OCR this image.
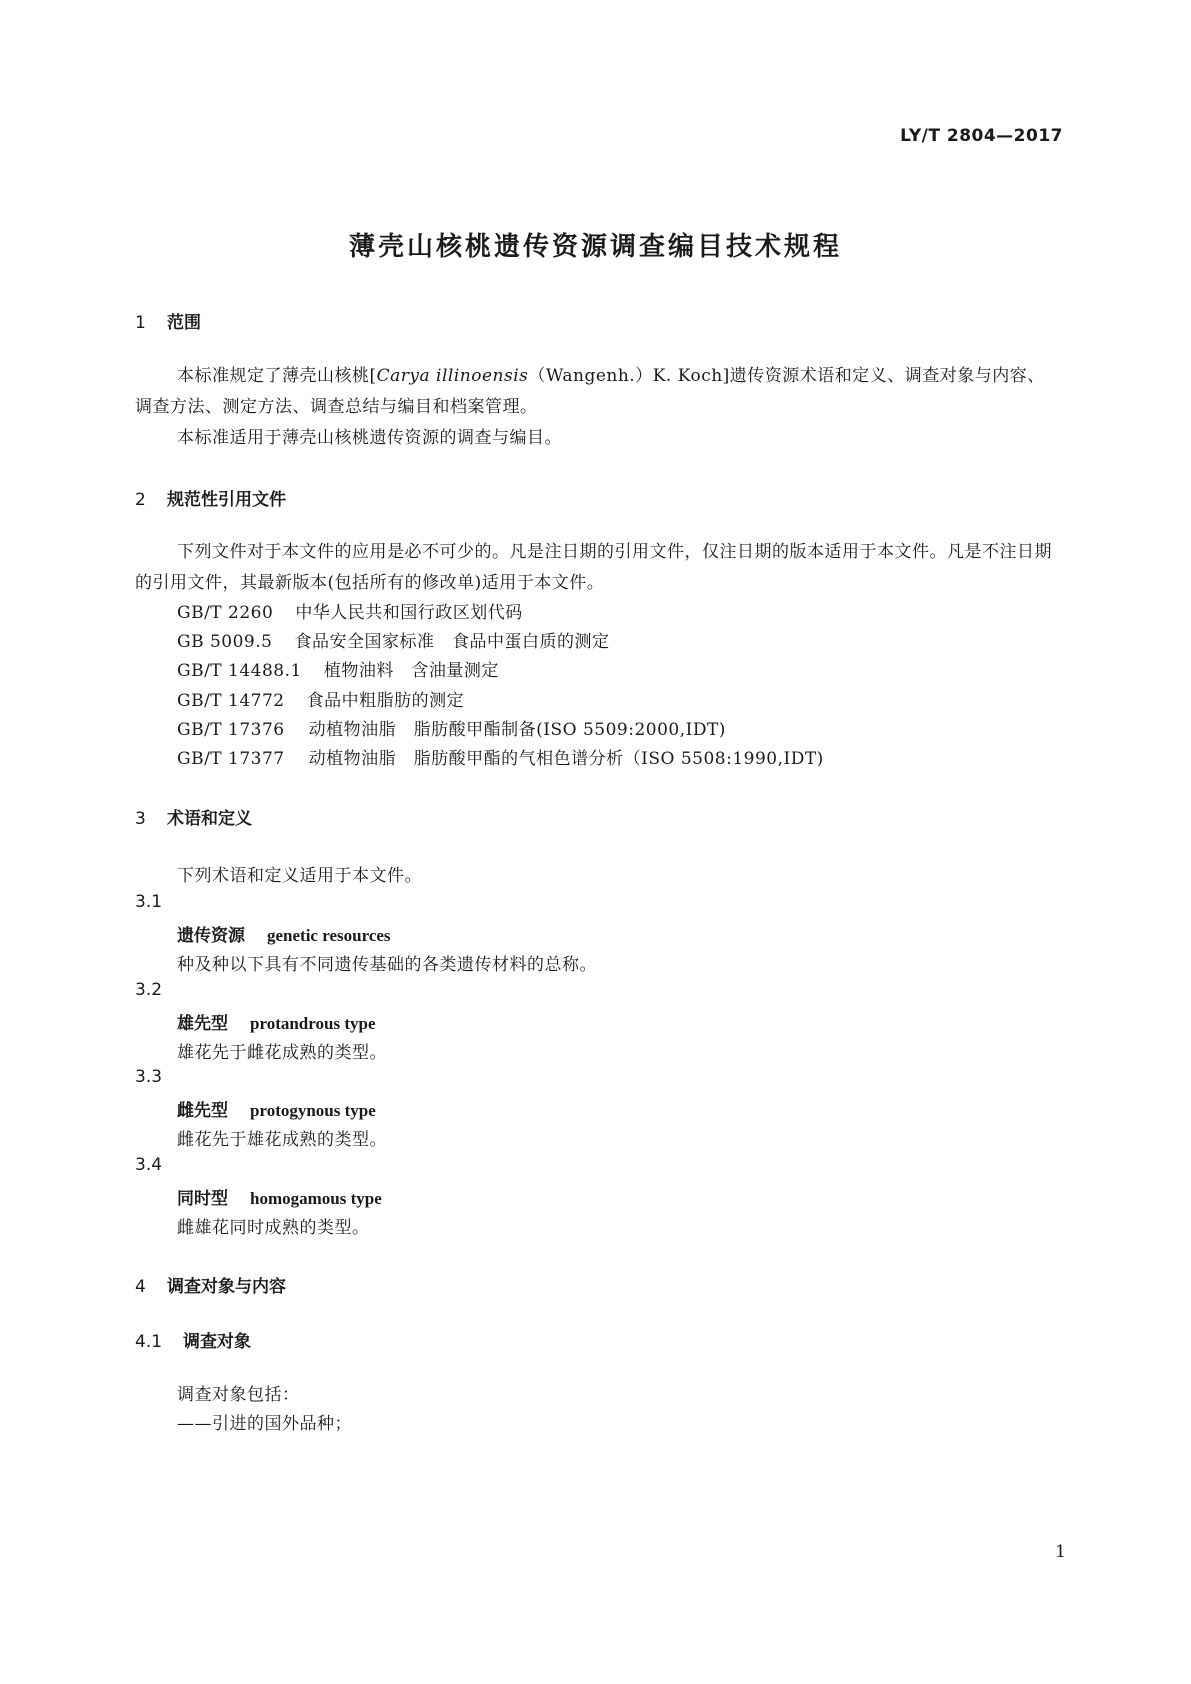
LY/T 2804—2017
薄壳山核桃遗传资源调查编目技术规程
1 范围
本标准规定了薄壳山核桃[Carya illinoensis（Wangenh.）K. Koch]遗传资源术语和定义、调查对象与内容、调查方法、测定方法、调查总结与编目和档案管理。
本标准适用于薄壳山核桃遗传资源的调查与编目。
2 规范性引用文件
下列文件对于本文件的应用是必不可少的。凡是注日期的引用文件，仅注日期的版本适用于本文件。凡是不注日期的引用文件，其最新版本(包括所有的修改单)适用于本文件。
GB/T 2260 中华人民共和国行政区划代码
GB 5009.5 食品安全国家标准　食品中蛋白质的测定
GB/T 14488.1 植物油料　含油量测定
GB/T 14772 食品中粗脂肪的测定
GB/T 17376 动植物油脂　脂肪酸甲酯制备(ISO 5509:2000,IDT)
GB/T 17377 动植物油脂　脂肪酸甲酯的气相色谱分析（ISO 5508:1990,IDT)
3 术语和定义
下列术语和定义适用于本文件。
3.1
遗传资源 genetic resources
种及种以下具有不同遗传基础的各类遗传材料的总称。
3.2
雄先型 protandrous type
雄花先于雌花成熟的类型。
3.3
雌先型 protogynous type
雌花先于雄花成熟的类型。
3.4
同时型 homogamous type
雌雄花同时成熟的类型。
4 调查对象与内容
4.1 调查对象
调查对象包括：
——引进的国外品种；
1
